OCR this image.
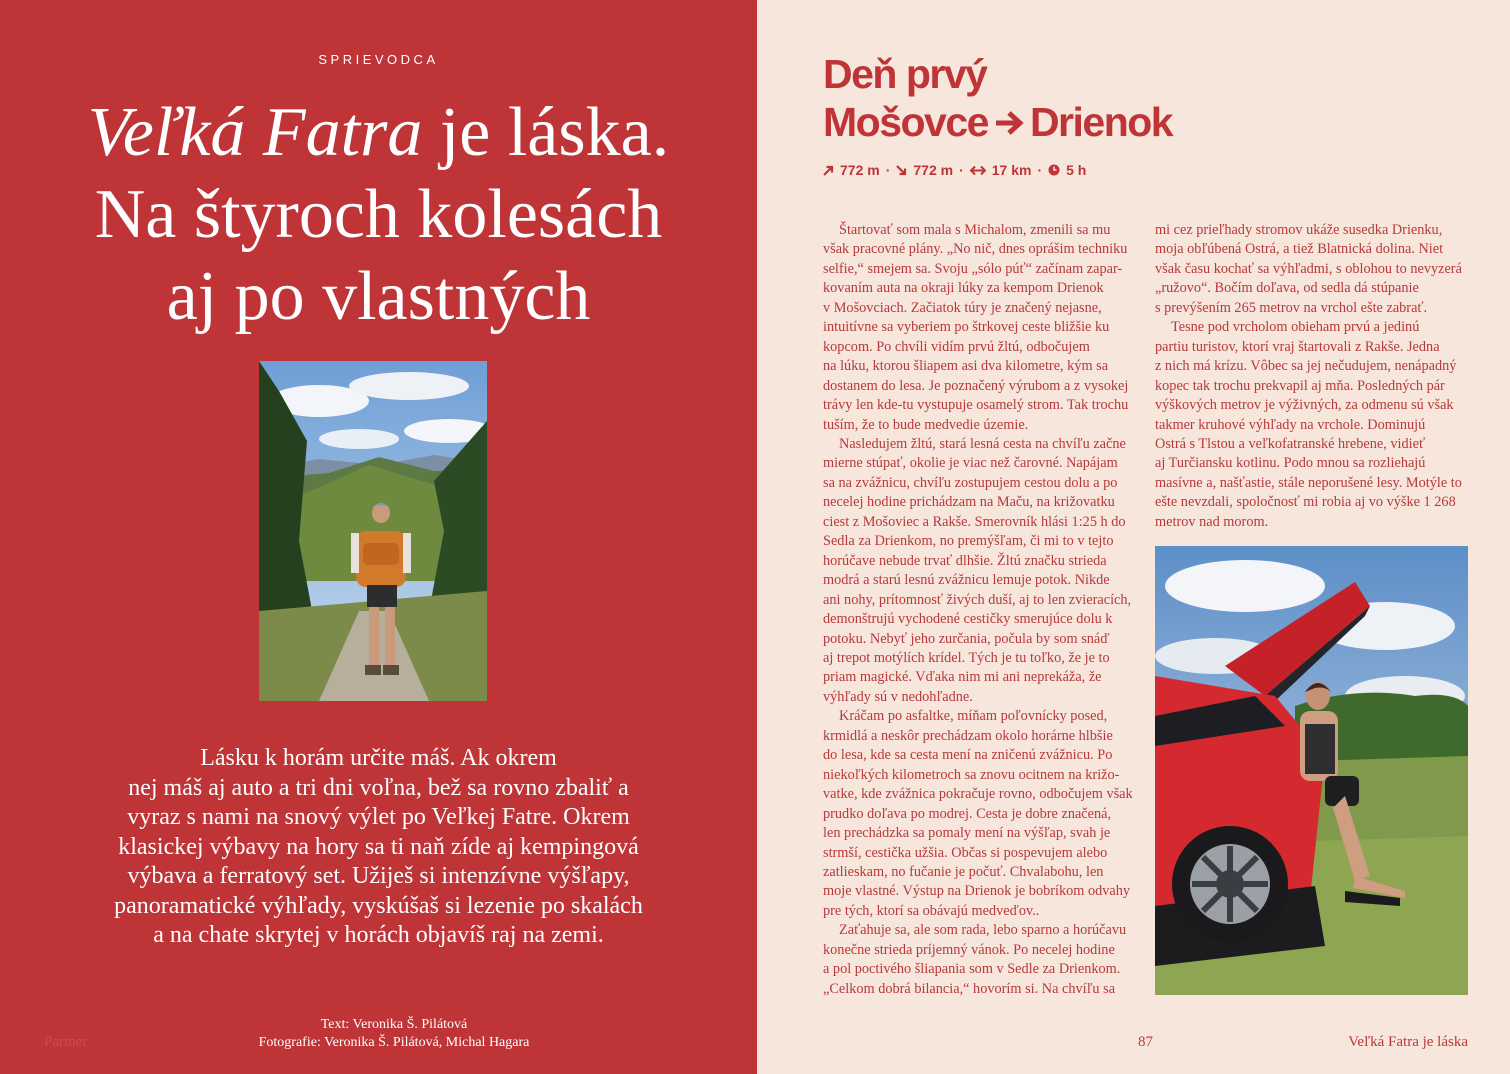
SPRIEVODCA
Veľká Fatra je láska.
Na štyroch kolesách
aj po vlastných
Lásku k horám určite máš. Ak okrem
nej máš aj auto a tri dni voľna, bež sa rovno zbaliť a
vyraz s nami na snový výlet po Veľkej Fatre. Okrem
klasickej výbavy na hory sa ti naň zíde aj kempingová
výbava a ferratový set. Užiješ si intenzívne výšľapy,
panoramatické výhľady, vyskúšaš si lezenie po skalách
a na chate skrytej v horách objavíš raj na zemi.
Text: Veronika Š. Pilátová
Fotografie: Veronika Š. Pilátová, Michal Hagara
Partner
Deň prvý
Mošovce Drienok
772 m · 772 m · 17 km · 5 h
Štartovať som mala s Michalom, zmenili sa mu
však pracovné plány. „No nič, dnes oprášim techniku
selfie,“ smejem sa. Svoju „sólo púť“ začínam zapar-
kovaním auta na okraji lúky za kempom Drienok
v Mošovciach. Začiatok túry je značený nejasne,
intuitívne sa vyberiem po štrkovej ceste bližšie ku
kopcom. Po chvíli vidím prvú žltú, odbočujem
na lúku, ktorou šliapem asi dva kilometre, kým sa
dostanem do lesa. Je poznačený výrubom a z vysokej
trávy len kde-tu vystupuje osamelý strom. Tak trochu
tuším, že to bude medvedie územie.
Nasledujem žltú, stará lesná cesta na chvíľu začne
mierne stúpať, okolie je viac než čarovné. Napájam
sa na zvážnicu, chvíľu zostupujem cestou dolu a po
necelej hodine prichádzam na Maču, na križovatku
ciest z Mošoviec a Rakše. Smerovník hlási 1:25 h do
Sedla za Drienkom, no premýšľam, či mi to v tejto
horúčave nebude trvať dlhšie. Žltú značku strieda
modrá a starú lesnú zvážnicu lemuje potok. Nikde
ani nohy, prítomnosť živých duší, aj to len zvieracích,
demonštrujú vychodené cestičky smerujúce dolu k
potoku. Nebyť jeho zurčania, počula by som snáď
aj trepot motýlích krídel. Tých je tu toľko, že je to
priam magické. Vďaka nim mi ani neprekáža, že
výhľady sú v nedohľadne.
Kráčam po asfaltke, míňam poľovnícky posed,
krmidlá a neskôr prechádzam okolo horárne hlbšie
do lesa, kde sa cesta mení na zničenú zvážnicu. Po
niekoľkých kilometroch sa znovu ocitnem na križo-
vatke, kde zvážnica pokračuje rovno, odbočujem však
prudko doľava po modrej. Cesta je dobre značená,
len prechádzka sa pomaly mení na výšľap, svah je
strmší, cestička užšia. Občas si pospevujem alebo
zatlieskam, no fučanie je počuť. Chvalabohu, len
moje vlastné. Výstup na Drienok je bobríkom odvahy
pre tých, ktorí sa obávajú medveďov..
Zaťahuje sa, ale som rada, lebo sparno a horúčavu
konečne strieda príjemný vánok. Po necelej hodine
a pol poctivého šliapania som v Sedle za Drienkom.
„Celkom dobrá bilancia,“ hovorím si. Na chvíľu sa
mi cez prieľhady stromov ukáže susedka Drienku,
moja obľúbená Ostrá, a tiež Blatnická dolina. Niet
však času kochať sa výhľadmi, s oblohou to nevyzerá
„ružovo“. Bočím doľava, od sedla dá stúpanie
s prevýšením 265 metrov na vrchol ešte zabrať.
Tesne pod vrcholom obieham prvú a jedinú
partiu turistov, ktorí vraj štartovali z Rakše. Jedna
z nich má krízu. Vôbec sa jej nečudujem, nenápadný
kopec tak trochu prekvapil aj mňa. Posledných pár
výškových metrov je výživných, za odmenu sú však
takmer kruhové výhľady na vrchole. Dominujú
Ostrá s Tlstou a veľkofatranské hrebene, vidieť
aj Turčiansku kotlinu. Podo mnou sa rozliehajú
masívne a, našťastie, stále neporušené lesy. Motýle to
ešte nevzdali, spoločnosť mi robia aj vo výške 1 268
metrov nad morom.
87	Veľká Fatra je láska
